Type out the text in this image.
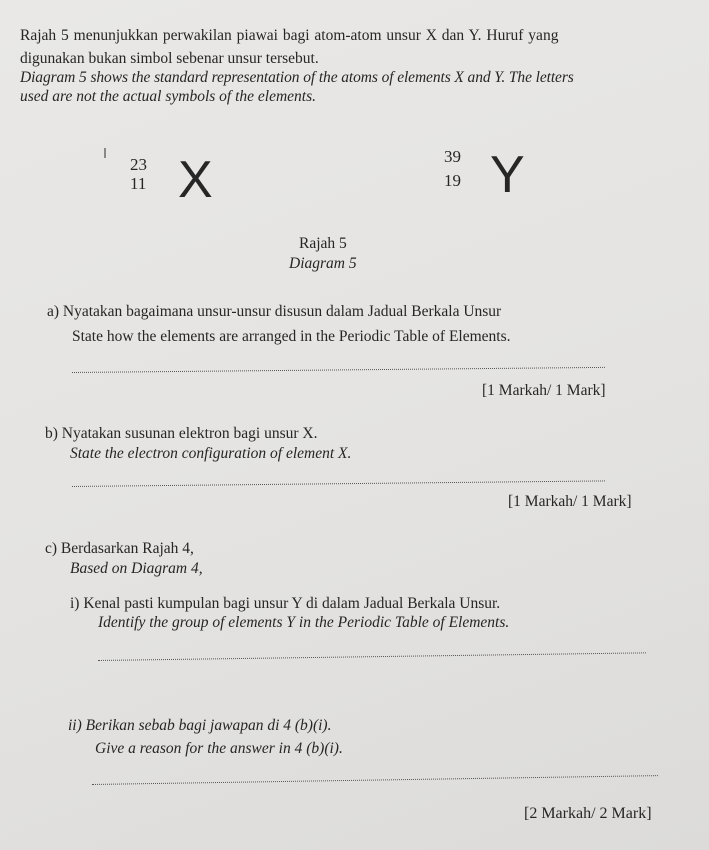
Rajah 5 menunjukkan perwakilan piawai bagi atom-atom unsur X dan Y. Huruf yang
digunakan bukan simbol sebenar unsur tersebut.
Diagram 5 shows the standard representation of the atoms of elements X and Y. The letters
used are not the actual symbols of the elements.
23
11 X	39
19 Y
Rajah 5
Diagram 5
a) Nyatakan bagaimana unsur-unsur disusun dalam Jadual Berkala Unsur
State how the elements are arranged in the Periodic Table of Elements.
[1 Markah/ 1 Mark]
b) Nyatakan susunan elektron bagi unsur X.
State the electron configuration of element X.
[1 Markah/ 1 Mark]
c) Berdasarkan Rajah 4,
Based on Diagram 4,
i) Kenal pasti kumpulan bagi unsur Y di dalam Jadual Berkala Unsur.
Identify the group of elements Y in the Periodic Table of Elements.
ii) Berikan sebab bagi jawapan di 4 (b)(i).
Give a reason for the answer in 4 (b)(i).
[2 Markah/ 2 Mark]
